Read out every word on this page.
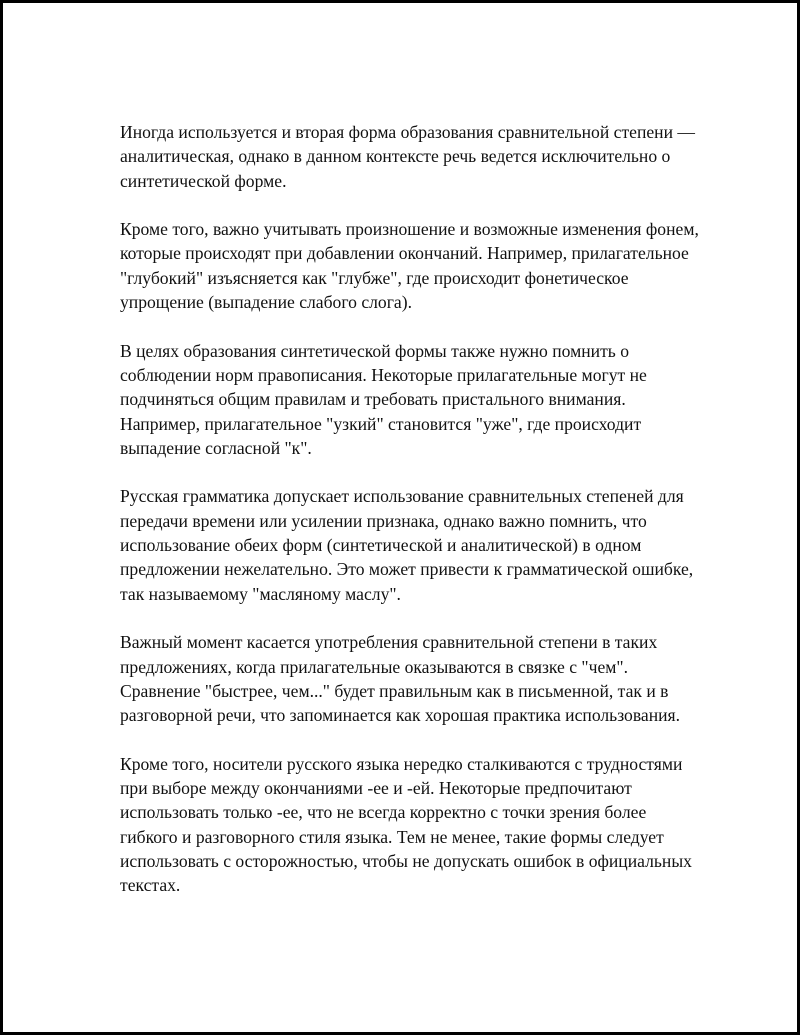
Иногда используется и вторая форма образования сравнительной степени — аналитическая, однако в данном контексте речь ведется исключительно о синтетической форме.

Кроме того, важно учитывать произношение и возможные изменения фонем, которые происходят при добавлении окончаний. Например, прилагательное "глубокий" изъясняется как "глубже", где происходит фонетическое упрощение (выпадение слабого слога).

В целях образования синтетической формы также нужно помнить о соблюдении норм правописания. Некоторые прилагательные могут не подчиняться общим правилам и требовать пристального внимания. Например, прилагательное "узкий" становится "уже", где происходит выпадение согласной "к".

Русская грамматика допускает использование сравнительных степеней для передачи времени или усилении признака, однако важно помнить, что использование обеих форм (синтетической и аналитической) в одном предложении нежелательно. Это может привести к грамматической ошибке, так называемому "масляному маслу".

Важный момент касается употребления сравнительной степени в таких предложениях, когда прилагательные оказываются в связке с "чем". Сравнение "быстрее, чем..." будет правильным как в письменной, так и в разговорной речи, что запоминается как хорошая практика использования.

Кроме того, носители русского языка нередко сталкиваются с трудностями при выборе между окончаниями -ее и -ей. Некоторые предпочитают использовать только -ее, что не всегда корректно с точки зрения более гибкого и разговорного стиля языка. Тем не менее, такие формы следует использовать с осторожностью, чтобы не допускать ошибок в официальных текстах.
